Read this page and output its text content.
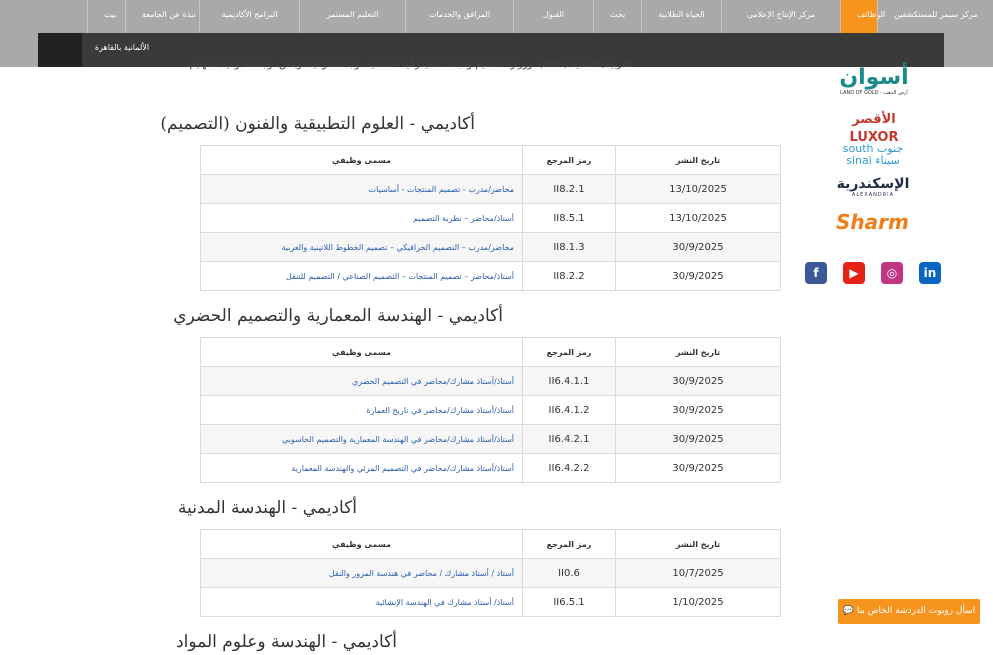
بيت	نبذة عن الجامعة	البرامج الأكاديمية	التعليم المستمر	المرافق والخدمات	القبول	بحث	الحياة الطلابية	مركز الإنتاج الإعلامي	الوظائف	مركز سيمر للمستكشفين
الألمانية بالقاهرة
العربية/الألمانية (AHK)، ووزارة التعليم والبحث الفيدرالية الألمانية، وجامعة ولاية توبنغن، وجامعة ولاية مانهايم.
أكاديمي - العلوم التطبيقية والفنون (التصميم)
مسمى وظيفي	رمز المرجع	تاريخ النشر
محاضر/مدرب - تصميم المنتجات - أساسيات	II8.2.1	13/10/2025
أستاذ/محاضر – نظرية التصميم	II8.5.1	13/10/2025
محاضر/مدرب – التصميم الجرافيكي – تصميم الخطوط اللاتينية والعربية	II8.1.3	30/9/2025
أستاذ/محاضر – تصميم المنتجات – التصميم الصناعي / التصميم للتنقل	II8.2.2	30/9/2025
أكاديمي - الهندسة المعمارية والتصميم الحضري
مسمى وظيفي	رمز المرجع	تاريخ النشر
أستاذ/أستاذ مشارك/محاضر في التصميم الحضري	II6.4.1.1	30/9/2025
أستاذ/أستاذ مشارك/محاضر في تاريخ العمارة	II6.4.1.2	30/9/2025
أستاذ/أستاذ مشارك/محاضر في الهندسة المعمارية والتصميم الحاسوبي	II6.4.2.1	30/9/2025
أستاذ/أستاذ مشارك/محاضر في التصميم المرئي والهندسة المعمارية	II6.4.2.2	30/9/2025
أكاديمي - الهندسة المدنية
مسمى وظيفي	رمز المرجع	تاريخ النشر
أستاذ / أستاذ مشارك / محاضر في هندسة المرور والنقل	II0.6	10/7/2025
أستاذ/ أستاذ مشارك في الهندسة الإنشائية	II6.5.1	1/10/2025
أكاديمي - الهندسة وعلوم المواد
أسوان
LAND OF GOLD · أرض الذهب
الأقصر LUXOR
south جنوب
sinai سيناء
الإسكندرية
ALEXANDRIA
Sharm
f	▶	◎	in
💬 اسأل روبوت الدردشة الخاص بنا
